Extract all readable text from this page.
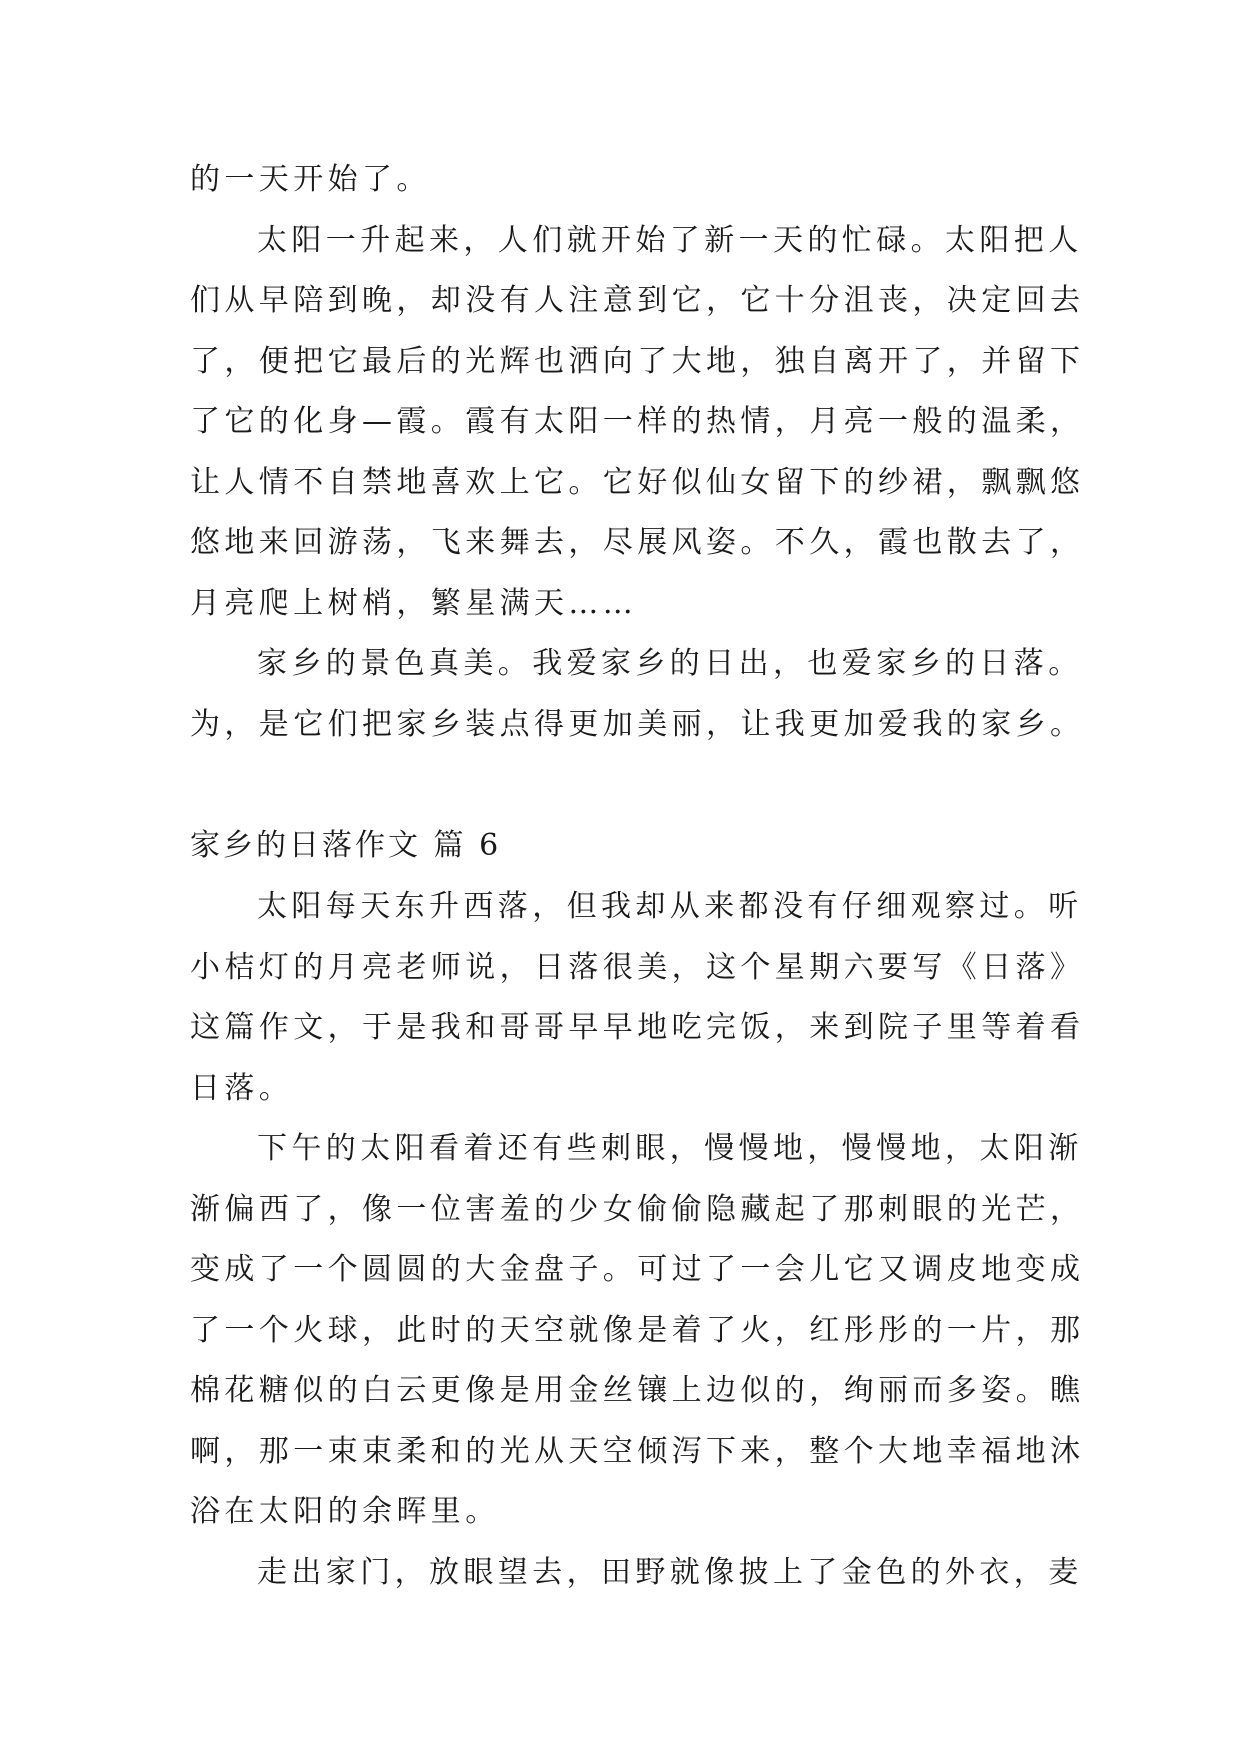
的一天开始了。
太阳一升起来，人们就开始了新一天的忙碌。太阳把人
们从早陪到晚，却没有人注意到它，它十分沮丧，决定回去
了，便把它最后的光辉也洒向了大地，独自离开了，并留下
了它的化身—霞。霞有太阳一样的热情，月亮一般的温柔，
让人情不自禁地喜欢上它。它好似仙女留下的纱裙，飘飘悠
悠地来回游荡，飞来舞去，尽展风姿。不久，霞也散去了，
月亮爬上树梢，繁星满天……
家乡的景色真美。我爱家乡的日出，也爱家乡的日落。
为，是它们把家乡装点得更加美丽，让我更加爱我的家乡。
家乡的日落作文 篇 6
太阳每天东升西落，但我却从来都没有仔细观察过。听
小桔灯的月亮老师说，日落很美，这个星期六要写《日落》
这篇作文，于是我和哥哥早早地吃完饭，来到院子里等着看
日落。
下午的太阳看着还有些刺眼，慢慢地，慢慢地，太阳渐
渐偏西了，像一位害羞的少女偷偷隐藏起了那刺眼的光芒，
变成了一个圆圆的大金盘子。可过了一会儿它又调皮地变成
了一个火球，此时的天空就像是着了火，红彤彤的一片，那
棉花糖似的白云更像是用金丝镶上边似的，绚丽而多姿。瞧
啊，那一束束柔和的光从天空倾泻下来，整个大地幸福地沐
浴在太阳的余晖里。
走出家门，放眼望去，田野就像披上了金色的外衣，麦
